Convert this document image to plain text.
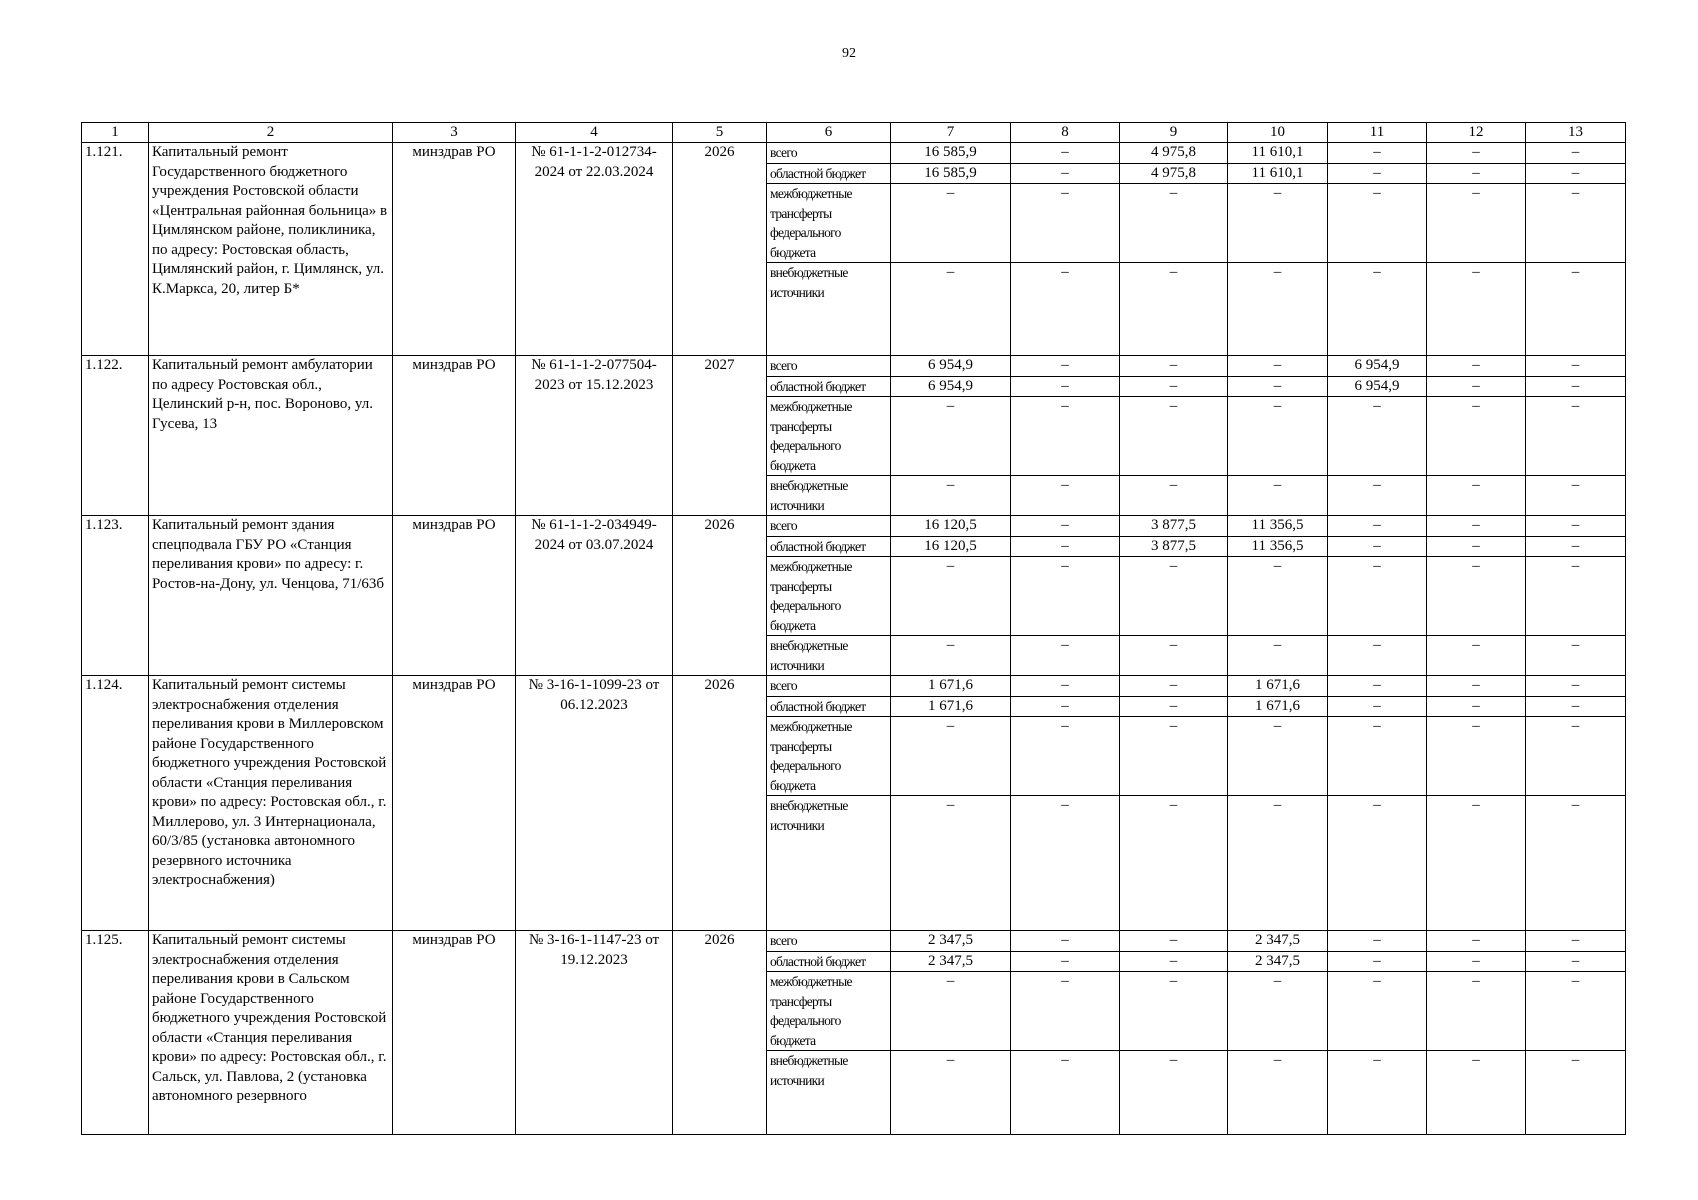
92
1	2	3	4	5	6	7	8	9	10	11	12	13
1.121.	Капитальный ремонт Государственного бюджетного учреждения Ростовской области «Центральная районная больница» в Цимлянском районе, поликлиника, по адресу: Ростовская область, Цимлянский район, г. Цимлянск, ул. К.Маркса, 20, литер Б*	минздрав РО	№ 61-1-1-2-012734-2024 от 22.03.2024	2026	всего	16 585,9	–	4 975,8	11 610,1	–	–	–
					областной бюджет	16 585,9	–	4 975,8	11 610,1	–	–	–
					межбюджетные трансферты федерального бюджета	–	–	–	–	–	–	–
					внебюджетные источники	–	–	–	–	–	–	–
1.122.	Капитальный ремонт амбулатории по адресу Ростовская обл., Целинский р-н, пос. Вороново, ул. Гусева, 13	минздрав РО	№ 61-1-1-2-077504-2023 от 15.12.2023	2027	всего	6 954,9	–	–	–	6 954,9	–	–
					областной бюджет	6 954,9	–	–	–	6 954,9	–	–
					межбюджетные трансферты федерального бюджета	–	–	–	–	–	–	–
					внебюджетные источники	–	–	–	–	–	–	–
1.123.	Капитальный ремонт здания спецподвала ГБУ РО «Станция переливания крови» по адресу: г. Ростов-на-Дону, ул. Ченцова, 71/63б	минздрав РО	№ 61-1-1-2-034949-2024 от 03.07.2024	2026	всего	16 120,5	–	3 877,5	11 356,5	–	–	–
					областной бюджет	16 120,5	–	3 877,5	11 356,5	–	–	–
					межбюджетные трансферты федерального бюджета	–	–	–	–	–	–	–
					внебюджетные источники	–	–	–	–	–	–	–
1.124.	Капитальный ремонт системы электроснабжения отделения переливания крови в Миллеровском районе Государственного бюджетного учреждения Ростовской области «Станция переливания крови» по адресу: Ростовская обл., г. Миллерово, ул. 3 Интернационала, 60/3/85 (установка автономного резервного источника электроснабжения)	минздрав РО	№ 3-16-1-1099-23 от 06.12.2023	2026	всего	1 671,6	–	–	1 671,6	–	–	–
					областной бюджет	1 671,6	–	–	1 671,6	–	–	–
					межбюджетные трансферты федерального бюджета	–	–	–	–	–	–	–
					внебюджетные источники	–	–	–	–	–	–	–
1.125.	Капитальный ремонт системы электроснабжения отделения переливания крови в Сальском районе Государственного бюджетного учреждения Ростовской области «Станция переливания крови» по адресу: Ростовская обл., г. Сальск, ул. Павлова, 2 (установка автономного резервного	минздрав РО	№ 3-16-1-1147-23 от 19.12.2023	2026	всего	2 347,5	–	–	2 347,5	–	–	–
					областной бюджет	2 347,5	–	–	2 347,5	–	–	–
					межбюджетные трансферты федерального бюджета	–	–	–	–	–	–	–
					внебюджетные источники	–	–	–	–	–	–	–
